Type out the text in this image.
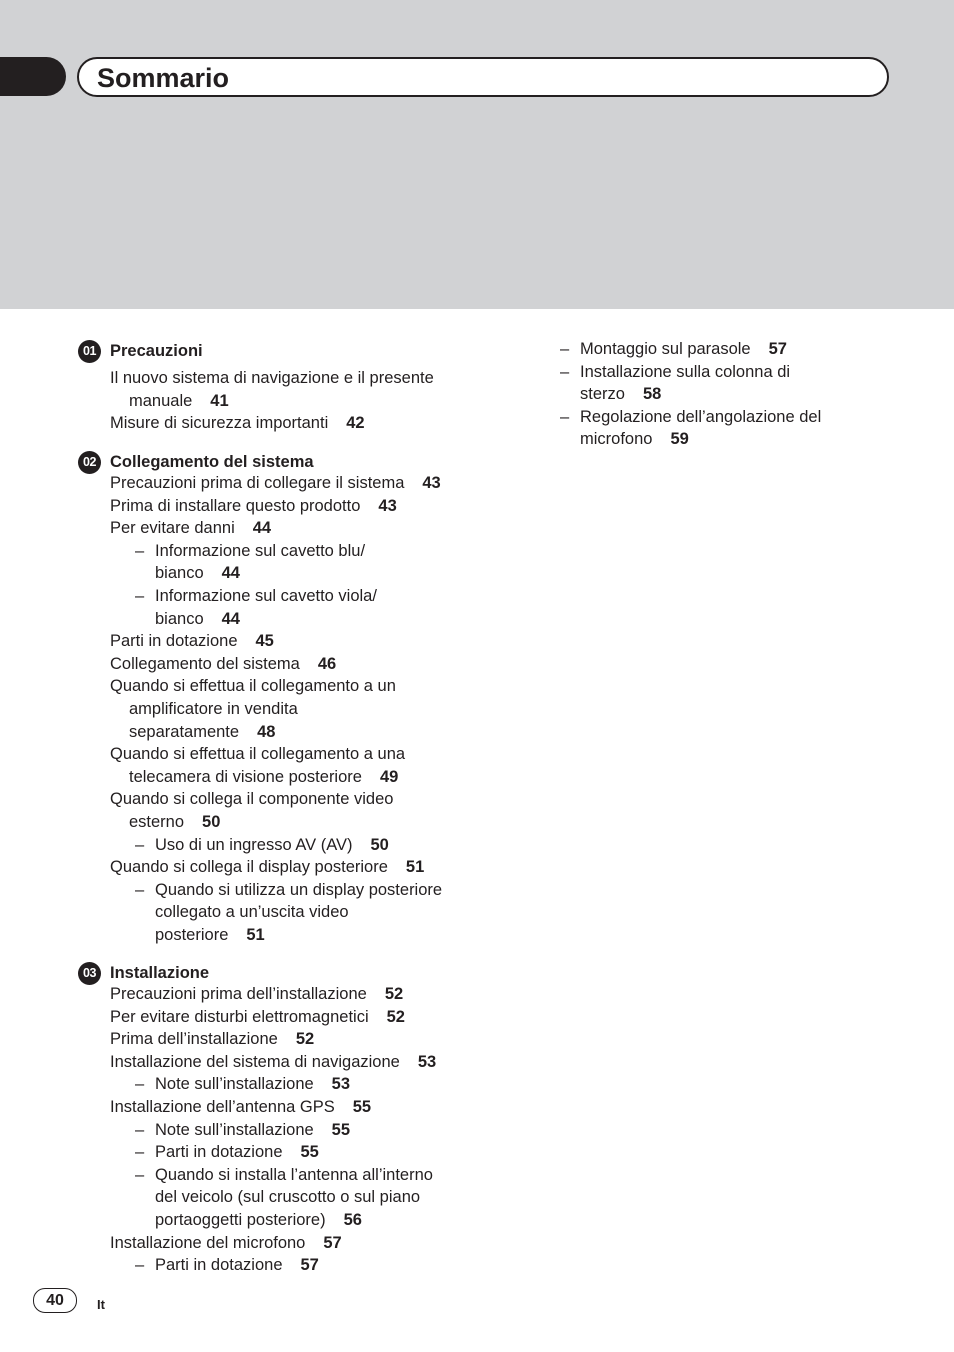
Sommario
01 Precauzioni
Il nuovo sistema di navigazione e il presente
manuale 41
Misure di sicurezza importanti 42
02 Collegamento del sistema
Precauzioni prima di collegare il sistema 43
Prima di installare questo prodotto 43
Per evitare danni 44
– Informazione sul cavetto blu/
bianco 44
– Informazione sul cavetto viola/
bianco 44
Parti in dotazione 45
Collegamento del sistema 46
Quando si effettua il collegamento a un
amplificatore in vendita
separatamente 48
Quando si effettua il collegamento a una
telecamera di visione posteriore 49
Quando si collega il componente video
esterno 50
– Uso di un ingresso AV (AV) 50
Quando si collega il display posteriore 51
– Quando si utilizza un display posteriore
collegato a un’uscita video
posteriore 51
03 Installazione
Precauzioni prima dell’installazione 52
Per evitare disturbi elettromagnetici 52
Prima dell’installazione 52
Installazione del sistema di navigazione 53
– Note sull’installazione 53
Installazione dell’antenna GPS 55
– Note sull’installazione 55
– Parti in dotazione 55
– Quando si installa l’antenna all’interno
del veicolo (sul cruscotto o sul piano
portaoggetti posteriore) 56
Installazione del microfono 57
– Parti in dotazione 57
– Montaggio sul parasole 57
– Installazione sulla colonna di
sterzo 58
– Regolazione dell’angolazione del
microfono 59
40	It
